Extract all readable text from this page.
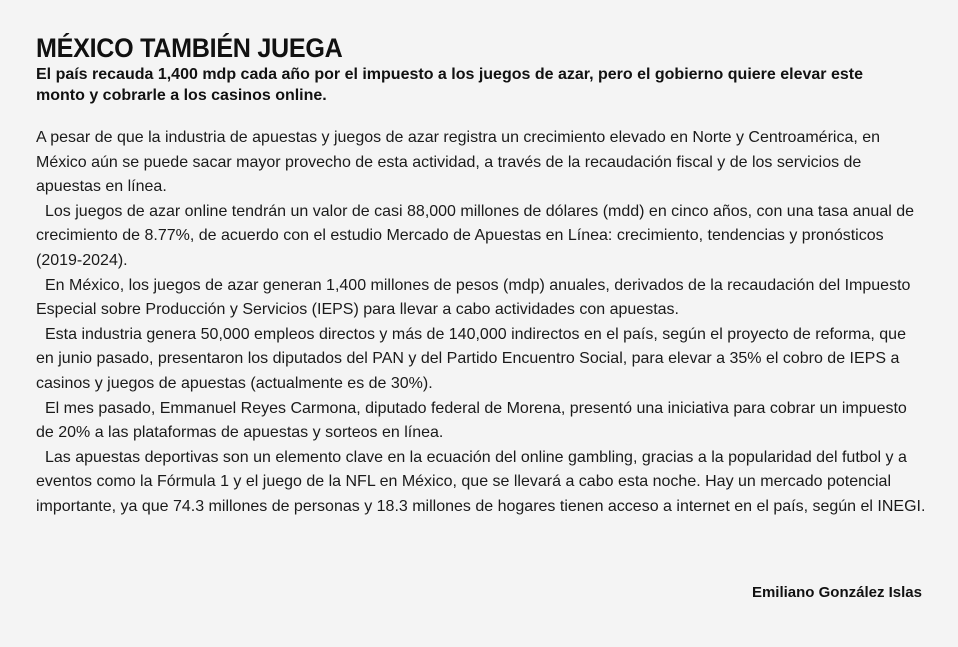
MÉXICO TAMBIÉN JUEGA

El país recauda 1,400 mdp cada año por el impuesto a los juegos de azar, pero el gobierno quiere elevar este monto y cobrarle a los casinos online.

A pesar de que la industria de apuestas y juegos de azar registra un crecimiento elevado en Norte y Centroamérica, en México aún se puede sacar mayor provecho de esta actividad, a través de la recaudación fiscal y de los servicios de apuestas en línea.

Los juegos de azar online tendrán un valor de casi 88,000 millones de dólares (mdd) en cinco años, con una tasa anual de crecimiento de 8.77%, de acuerdo con el estudio Mercado de Apuestas en Línea: crecimiento, tendencias y pronósticos (2019-2024).

En México, los juegos de azar generan 1,400 millones de pesos (mdp) anuales, derivados de la recaudación del Impuesto Especial sobre Producción y Servicios (IEPS) para llevar a cabo actividades con apuestas.

Esta industria genera 50,000 empleos directos y más de 140,000 indirectos en el país, según el proyecto de reforma, que en junio pasado, presentaron los diputados del PAN y del Partido Encuentro Social, para elevar a 35% el cobro de IEPS a casinos y juegos de apuestas (actualmente es de 30%).

El mes pasado, Emmanuel Reyes Carmona, diputado federal de Morena, presentó una iniciativa para cobrar un impuesto de 20% a las plataformas de apuestas y sorteos en línea.

Las apuestas deportivas son un elemento clave en la ecuación del online gambling, gracias a la popularidad del futbol y a eventos como la Fórmula 1 y el juego de la NFL en México, que se llevará a cabo esta noche. Hay un mercado potencial importante, ya que 74.3 millones de personas y 18.3 millones de hogares tienen acceso a internet en el país, según el INEGI.

Emiliano González Islas
